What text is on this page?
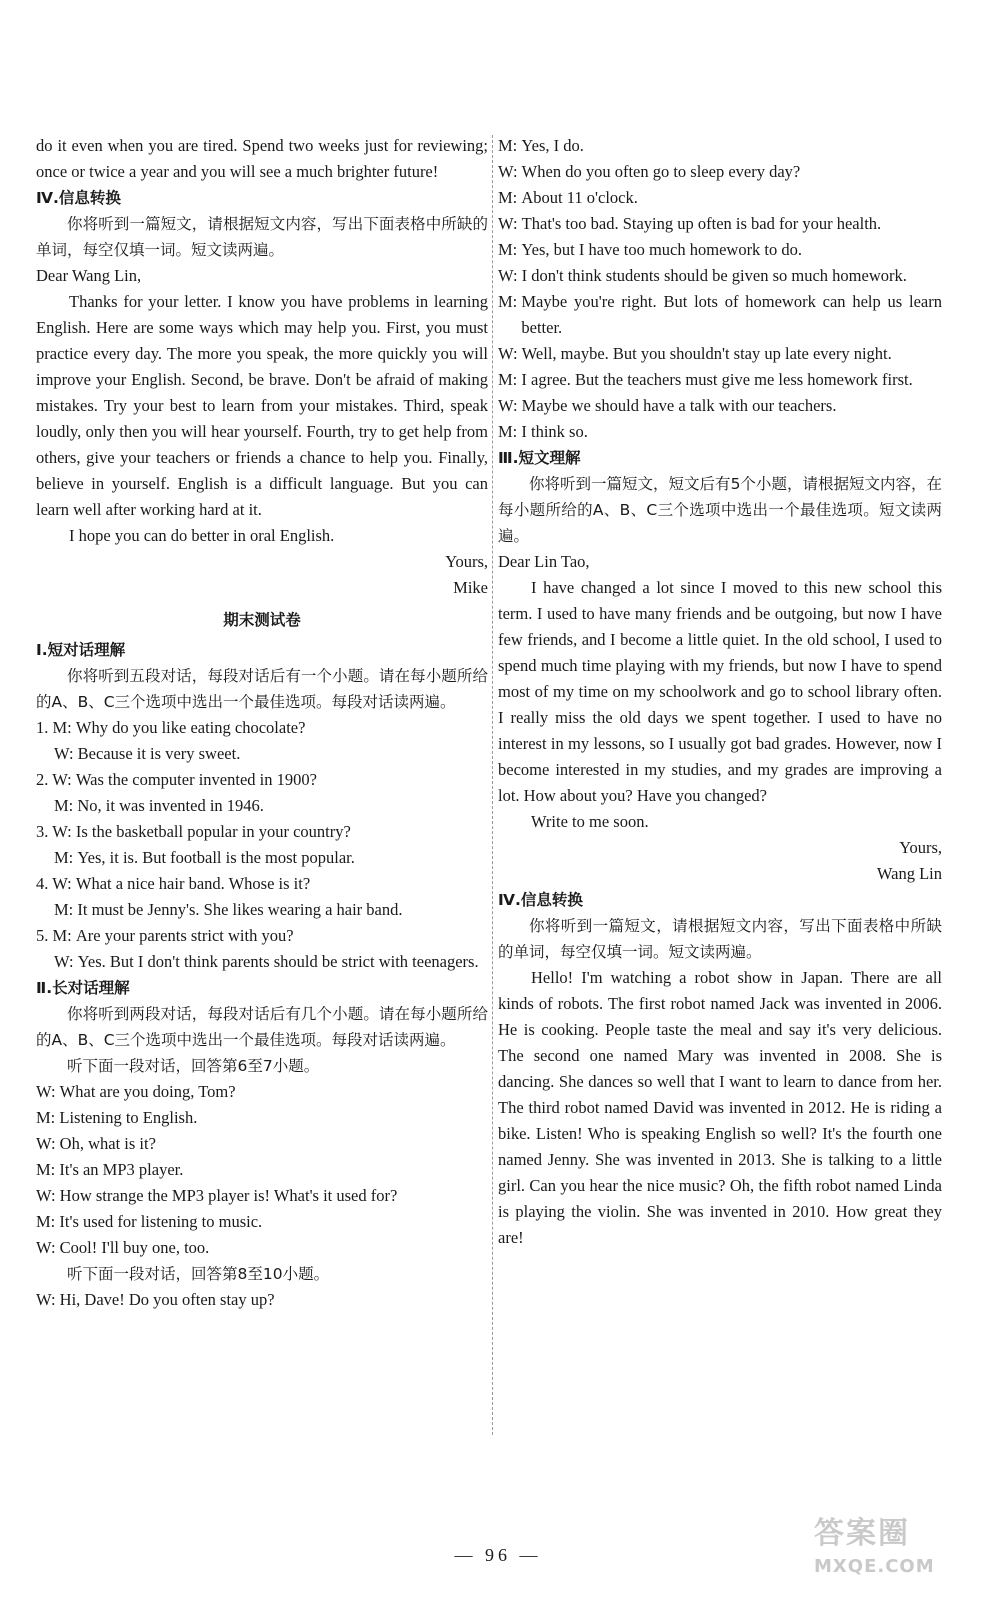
do it even when you are tired. Spend two weeks just for reviewing; once or twice a year and you will see a much brighter future!

Ⅳ.信息转换

你将听到一篇短文，请根据短文内容，写出下面表格中所缺的单词，每空仅填一词。短文读两遍。

Dear Wang Lin,

Thanks for your letter. I know you have problems in learning English. Here are some ways which may help you. First, you must practice every day. The more you speak, the more quickly you will improve your English. Second, be brave. Don't be afraid of making mistakes. Try your best to learn from your mistakes. Third, speak loudly, only then you will hear yourself. Fourth, try to get help from others, give your teachers or friends a chance to help you. Finally, believe in yourself. English is a difficult language. But you can learn well after working hard at it.

I hope you can do better in oral English.

Yours,

Mike

期末测试卷

Ⅰ.短对话理解

你将听到五段对话，每段对话后有一个小题。请在每小题所给的A、B、C三个选项中选出一个最佳选项。每段对话读两遍。

1. M: Why do you like eating chocolate?
W: Because it is very sweet.
2. W: Was the computer invented in 1900?
M: No, it was invented in 1946.
3. W: Is the basketball popular in your country?
M: Yes, it is. But football is the most popular.
4. W: What a nice hair band. Whose is it?
M: It must be Jenny's. She likes wearing a hair band.
5. M: Are your parents strict with you?
W: Yes. But I don't think parents should be strict with teenagers.

Ⅱ.长对话理解

你将听到两段对话，每段对话后有几个小题。请在每小题所给的A、B、C三个选项中选出一个最佳选项。每段对话读两遍。

听下面一段对话，回答第6至7小题。

W: What are you doing, Tom?
M: Listening to English.
W: Oh, what is it?
M: It's an MP3 player.
W: How strange the MP3 player is! What's it used for?
M: It's used for listening to music.
W: Cool! I'll buy one, too.

听下面一段对话，回答第8至10小题。

W: Hi, Dave! Do you often stay up?
M: Yes, I do.
W: When do you often go to sleep every day?
M: About 11 o'clock.
W: That's too bad. Staying up often is bad for your health.
M: Yes, but I have too much homework to do.
W: I don't think students should be given so much homework.
M: Maybe you're right. But lots of homework can help us learn better.
W: Well, maybe. But you shouldn't stay up late every night.
M: I agree. But the teachers must give me less homework first.
W: Maybe we should have a talk with our teachers.
M: I think so.

Ⅲ.短文理解

你将听到一篇短文，短文后有5个小题，请根据短文内容，在每小题所给的A、B、C三个选项中选出一个最佳选项。短文读两遍。

Dear Lin Tao,

I have changed a lot since I moved to this new school this term. I used to have many friends and be outgoing, but now I have few friends, and I become a little quiet. In the old school, I used to spend much time playing with my friends, but now I have to spend most of my time on my schoolwork and go to school library often. I really miss the old days we spent together. I used to have no interest in my lessons, so I usually got bad grades. However, now I become interested in my studies, and my grades are improving a lot. How about you? Have you changed?

Write to me soon.

Yours,

Wang Lin

Ⅳ.信息转换

你将听到一篇短文，请根据短文内容，写出下面表格中所缺的单词，每空仅填一词。短文读两遍。

Hello! I'm watching a robot show in Japan. There are all kinds of robots. The first robot named Jack was invented in 2006. He is cooking. People taste the meal and say it's very delicious. The second one named Mary was invented in 2008. She is dancing. She dances so well that I want to learn to dance from her. The third robot named David was invented in 2012. He is riding a bike. Listen! Who is speaking English so well? It's the fourth one named Jenny. She was invented in 2013. She is talking to a little girl. Can you hear the nice music? Oh, the fifth robot named Linda is playing the violin. She was invented in 2010. How great they are!

— 96 —
答案圈
MXQE.COM
